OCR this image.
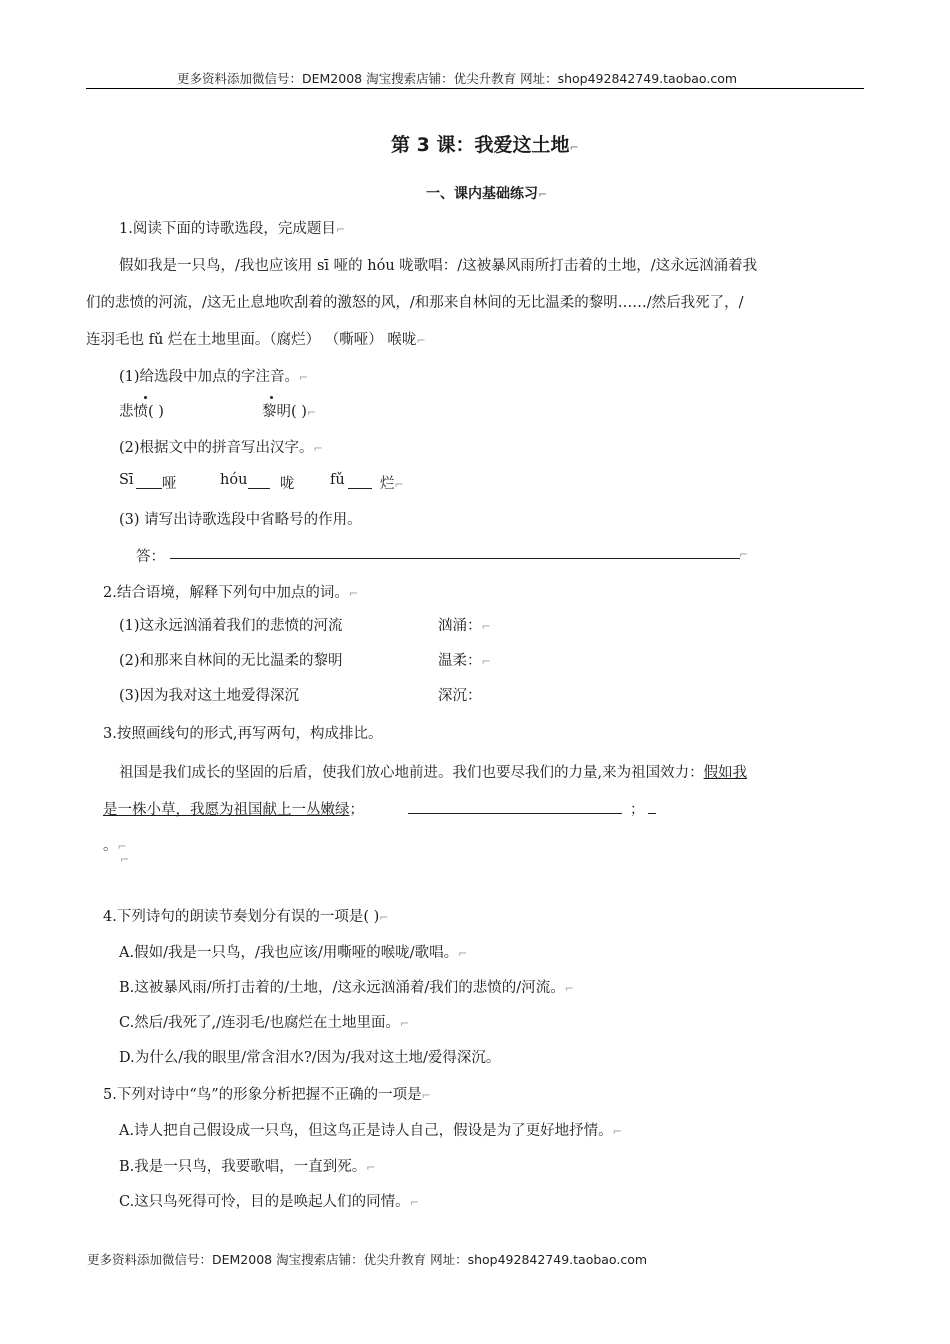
更多资料添加微信号：DEM2008 淘宝搜索店铺：优尖升教育 网址：shop492842749.taobao.com
第 3 课：我爱这土地⌐
一、课内基础练习⌐
1.阅读下面的诗歌选段，完成题目⌐
假如我是一只鸟，/我也应该用 sī 哑的 hóu 咙歌唱：/这被暴风雨所打击着的土地，/这永远汹涌着我
们的悲愤的河流，/这无止息地吹刮着的激怒的风，/和那来自林间的无比温柔的黎明……/然后我死了，/
连羽毛也 fǔ 烂在土地里面。（腐烂） （嘶哑） 喉咙⌐
(1)给选段中加点的字注音。⌐
悲愤( )	黎明( )⌐
(2)根据文中的拼音写出汉字。⌐
Sī 哑	hóu 咙 fǔ 烂⌐
(3) 请写出诗歌选段中省略号的作用。
答：	⌐
2.结合语境，解释下列句中加点的词。⌐
(1)这永远汹涌着我们的悲愤的河流	汹涌：⌐
(2)和那来自林间的无比温柔的黎明	温柔：⌐
(3)因为我对这土地爱得深沉	深沉：
3.按照画线句的形式,再写两句，构成排比。
祖国是我们成长的坚固的后盾，使我们放心地前进。我们也要尽我们的力量,来为祖国效力：假如我
是一株小草，我愿为祖国献上一丛嫩绿；	；
。⌐
⌐
4.下列诗句的朗读节奏划分有误的一项是( )⌐
A.假如/我是一只鸟，/我也应该/用嘶哑的喉咙/歌唱。⌐
B.这被暴风雨/所打击着的/土地，/这永远汹涌着/我们的悲愤的/河流。⌐
C.然后/我死了,/连羽毛/也腐烂在土地里面。⌐
D.为什么/我的眼里/常含泪水?/因为/我对这土地/爱得深沉。
5.下列对诗中“鸟”的形象分析把握不正确的一项是⌐
A.诗人把自己假设成一只鸟，但这鸟正是诗人自己，假设是为了更好地抒情。⌐
B.我是一只鸟，我要歌唱，一直到死。⌐
C.这只鸟死得可怜，目的是唤起人们的同情。⌐
更多资料添加微信号：DEM2008 淘宝搜索店铺：优尖升教育 网址：shop492842749.taobao.com
